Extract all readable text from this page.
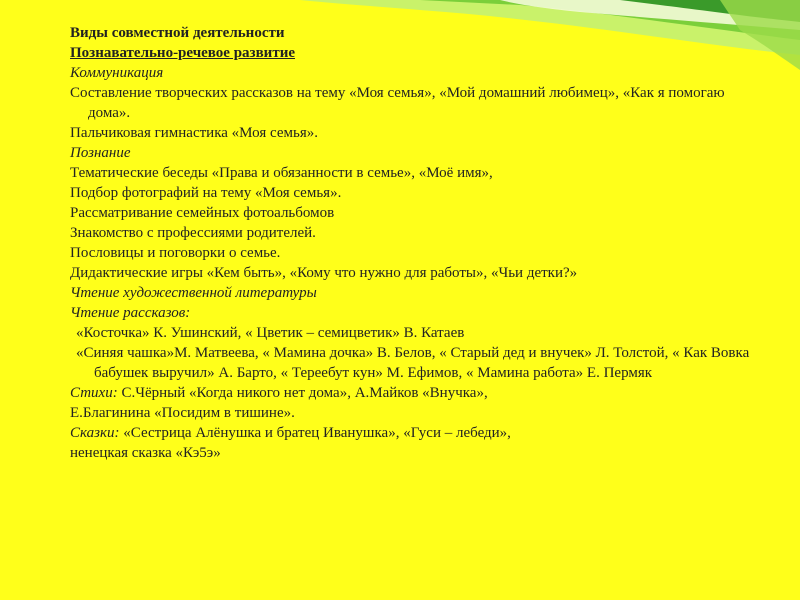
Виды совместной деятельности

Познавательно-речевое развитие

Коммуникация

Составление творческих рассказов на тему «Моя семья», «Мой домашний любимец», «Как я помогаю дома».

Пальчиковая гимнастика «Моя семья».

Познание

Тематические беседы «Права и обязанности в семье», «Моё имя»,

Подбор фотографий на тему «Моя семья».

Рассматривание семейных фотоальбомов

Знакомство с профессиями родителей.

Пословицы и поговорки о семье.

Дидактические игры «Кем быть», «Кому что нужно для работы», «Чьи детки?»

Чтение художественной литературы

Чтение рассказов:

«Косточка» К. Ушинский, « Цветик – семицветик» В. Катаев

«Синяя чашка»М. Матвеева, « Мамина дочка» В. Белов, « Старый дед и внучек» Л. Толстой, « Как Вовка бабушек выручил» А. Барто, « Тереебут кун» М. Ефимов, « Мамина работа» Е. Пермяк

Стихи: С.Чёрный «Когда никого нет дома», А.Майков «Внучка»,

Е.Благинина «Посидим в тишине».

Сказки: «Сестрица Алёнушка и братец Иванушка», «Гуси – лебеди»,

ненецкая сказка «Кэ5э»
